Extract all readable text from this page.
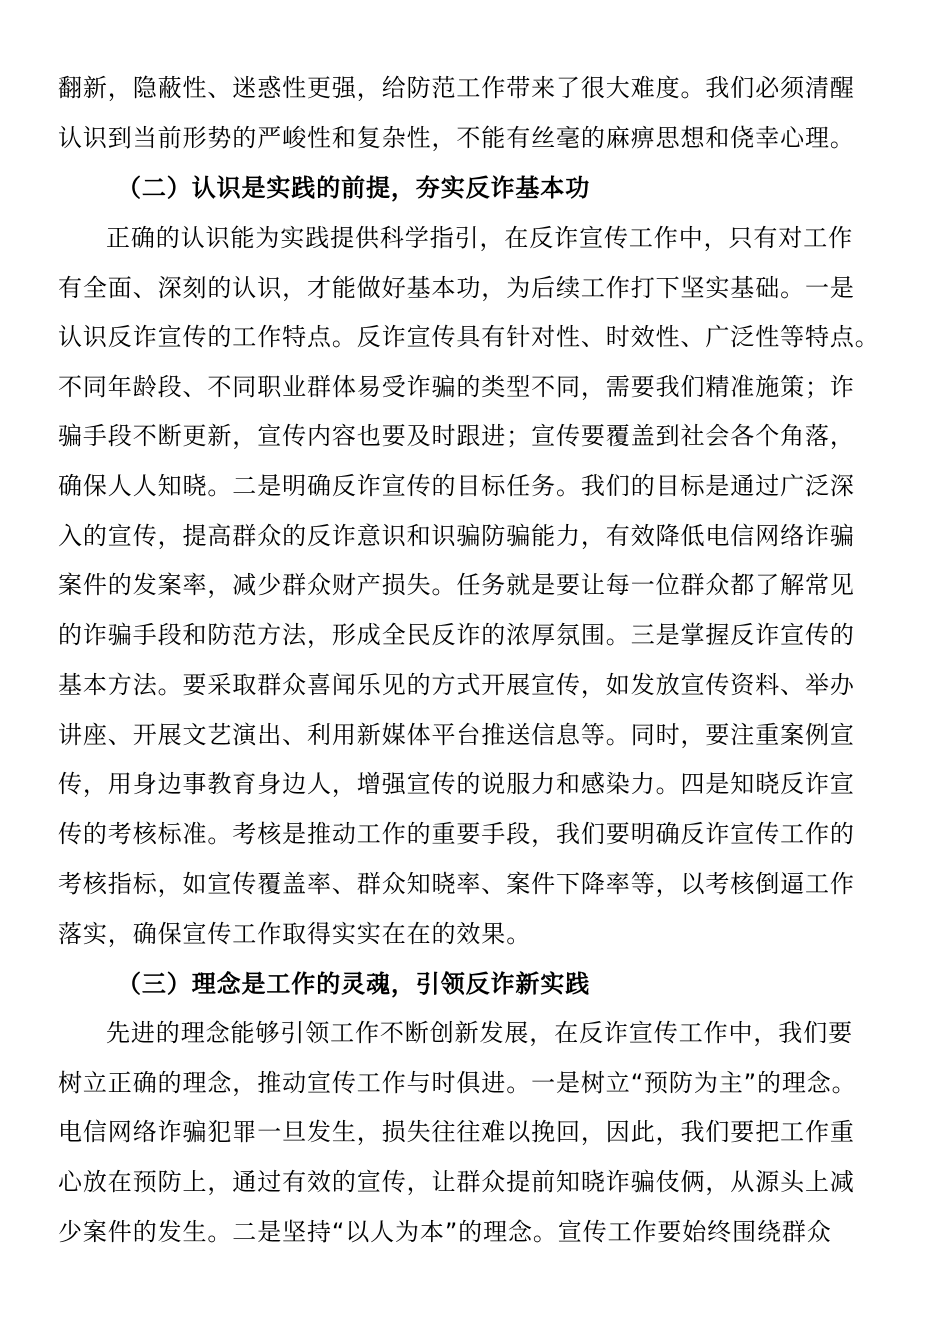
翻新，隐蔽性、迷惑性更强，给防范工作带来了很大难度。我们必须清醒
认识到当前形势的严峻性和复杂性，不能有丝毫的麻痹思想和侥幸心理。
（二）认识是实践的前提，夯实反诈基本功
正确的认识能为实践提供科学指引，在反诈宣传工作中，只有对工作
有全面、深刻的认识，才能做好基本功，为后续工作打下坚实基础。一是
认识反诈宣传的工作特点。反诈宣传具有针对性、时效性、广泛性等特点。
不同年龄段、不同职业群体易受诈骗的类型不同，需要我们精准施策；诈
骗手段不断更新，宣传内容也要及时跟进；宣传要覆盖到社会各个角落，
确保人人知晓。二是明确反诈宣传的目标任务。我们的目标是通过广泛深
入的宣传，提高群众的反诈意识和识骗防骗能力，有效降低电信网络诈骗
案件的发案率，减少群众财产损失。任务就是要让每一位群众都了解常见
的诈骗手段和防范方法，形成全民反诈的浓厚氛围。三是掌握反诈宣传的
基本方法。要采取群众喜闻乐见的方式开展宣传，如发放宣传资料、举办
讲座、开展文艺演出、利用新媒体平台推送信息等。同时，要注重案例宣
传，用身边事教育身边人，增强宣传的说服力和感染力。四是知晓反诈宣
传的考核标准。考核是推动工作的重要手段，我们要明确反诈宣传工作的
考核指标，如宣传覆盖率、群众知晓率、案件下降率等，以考核倒逼工作
落实，确保宣传工作取得实实在在的效果。
（三）理念是工作的灵魂，引领反诈新实践
先进的理念能够引领工作不断创新发展，在反诈宣传工作中，我们要
树立正确的理念，推动宣传工作与时俱进。一是树立“预防为主”的理念。
电信网络诈骗犯罪一旦发生，损失往往难以挽回，因此，我们要把工作重
心放在预防上，通过有效的宣传，让群众提前知晓诈骗伎俩，从源头上减
少案件的发生。二是坚持“以人为本”的理念。宣传工作要始终围绕群众
